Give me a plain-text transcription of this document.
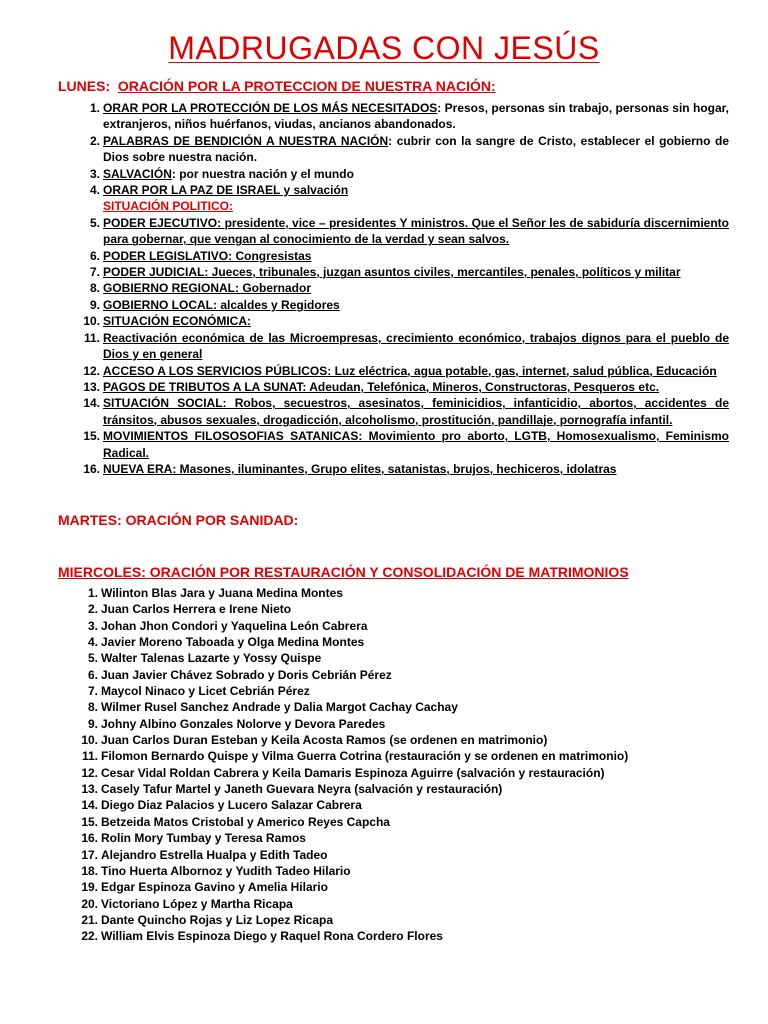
MADRUGADAS CON JESÚS
LUNES: ORACIÓN POR LA PROTECCION DE NUESTRA NACIÓN:
1. ORAR POR LA PROTECCIÓN DE LOS MÁS NECESITADOS: Presos, personas sin trabajo, personas sin hogar, extranjeros, niños huérfanos, viudas, ancianos abandonados.
2. PALABRAS DE BENDICIÓN A NUESTRA NACIÓN: cubrir con la sangre de Cristo, establecer el gobierno de Dios sobre nuestra nación.
3. SALVACIÓN: por nuestra nación y el mundo
4. ORAR POR LA PAZ DE ISRAEL y salvación
SITUACIÓN POLITICO:
5. PODER EJECUTIVO: presidente, vice – presidentes Y ministros. Que el Señor les de sabiduría discernimiento para gobernar, que vengan al conocimiento de la verdad y sean salvos.
6. PODER LEGISLATIVO: Congresistas
7. PODER JUDICIAL: Jueces, tribunales, juzgan asuntos civiles, mercantiles, penales, políticos y militar
8. GOBIERNO REGIONAL: Gobernador
9. GOBIERNO LOCAL: alcaldes y Regidores
10. SITUACIÓN ECONÓMICA:
11. Reactivación económica de las Microempresas, crecimiento económico, trabajos dignos para el pueblo de Dios y en general
12. ACCESO A LOS SERVICIOS PÚBLICOS: Luz eléctrica, agua potable, gas, internet, salud pública, Educación
13. PAGOS DE TRIBUTOS A LA SUNAT: Adeudan, Telefónica, Mineros, Constructoras, Pesqueros etc.
14. SITUACIÓN SOCIAL: Robos, secuestros, asesinatos, feminicidios, infanticidio, abortos, accidentes de tránsitos, abusos sexuales, drogadicción, alcoholismo, prostitución, pandillaje, pornografía infantil.
15. MOVIMIENTOS FILOSOSOFIAS SATANICAS: Movimiento pro aborto, LGTB, Homosexualismo, Feminismo Radical.
16. NUEVA ERA: Masones, iluminantes, Grupo elites, satanistas, brujos, hechiceros, idolatras
MARTES: ORACIÓN POR SANIDAD:
MIERCOLES: ORACIÓN POR RESTAURACIÓN Y CONSOLIDACIÓN DE MATRIMONIOS
1. Wilinton Blas Jara y Juana Medina Montes
2. Juan Carlos Herrera e Irene Nieto
3. Johan Jhon Condori y Yaquelina León Cabrera
4. Javier Moreno Taboada y Olga Medina Montes
5. Walter Talenas Lazarte y Yossy Quispe
6. Juan Javier Chávez Sobrado y Doris Cebrián Pérez
7. Maycol Ninaco y Licet Cebrián Pérez
8. Wilmer Rusel Sanchez Andrade y Dalia Margot Cachay Cachay
9. Johny Albino Gonzales Nolorve y Devora Paredes
10. Juan Carlos Duran Esteban y Keila Acosta Ramos (se ordenen en matrimonio)
11. Filomon Bernardo Quispe y Vilma Guerra Cotrina (restauración y se ordenen en matrimonio)
12. Cesar Vidal Roldan Cabrera y Keila Damaris Espinoza Aguirre (salvación y restauración)
13. Casely Tafur Martel y Janeth Guevara Neyra (salvación y restauración)
14. Diego Diaz Palacios y Lucero Salazar Cabrera
15. Betzeida Matos Cristobal y Americo Reyes Capcha
16. Rolin Mory Tumbay y Teresa Ramos
17. Alejandro Estrella Hualpa y Edith Tadeo
18. Tino Huerta Albornoz y Yudith Tadeo Hilario
19. Edgar Espinoza Gavino y Amelia Hilario
20. Victoriano López y Martha Ricapa
21. Dante Quincho Rojas y Liz Lopez Ricapa
22. William Elvis Espinoza Diego y Raquel Rona Cordero Flores
